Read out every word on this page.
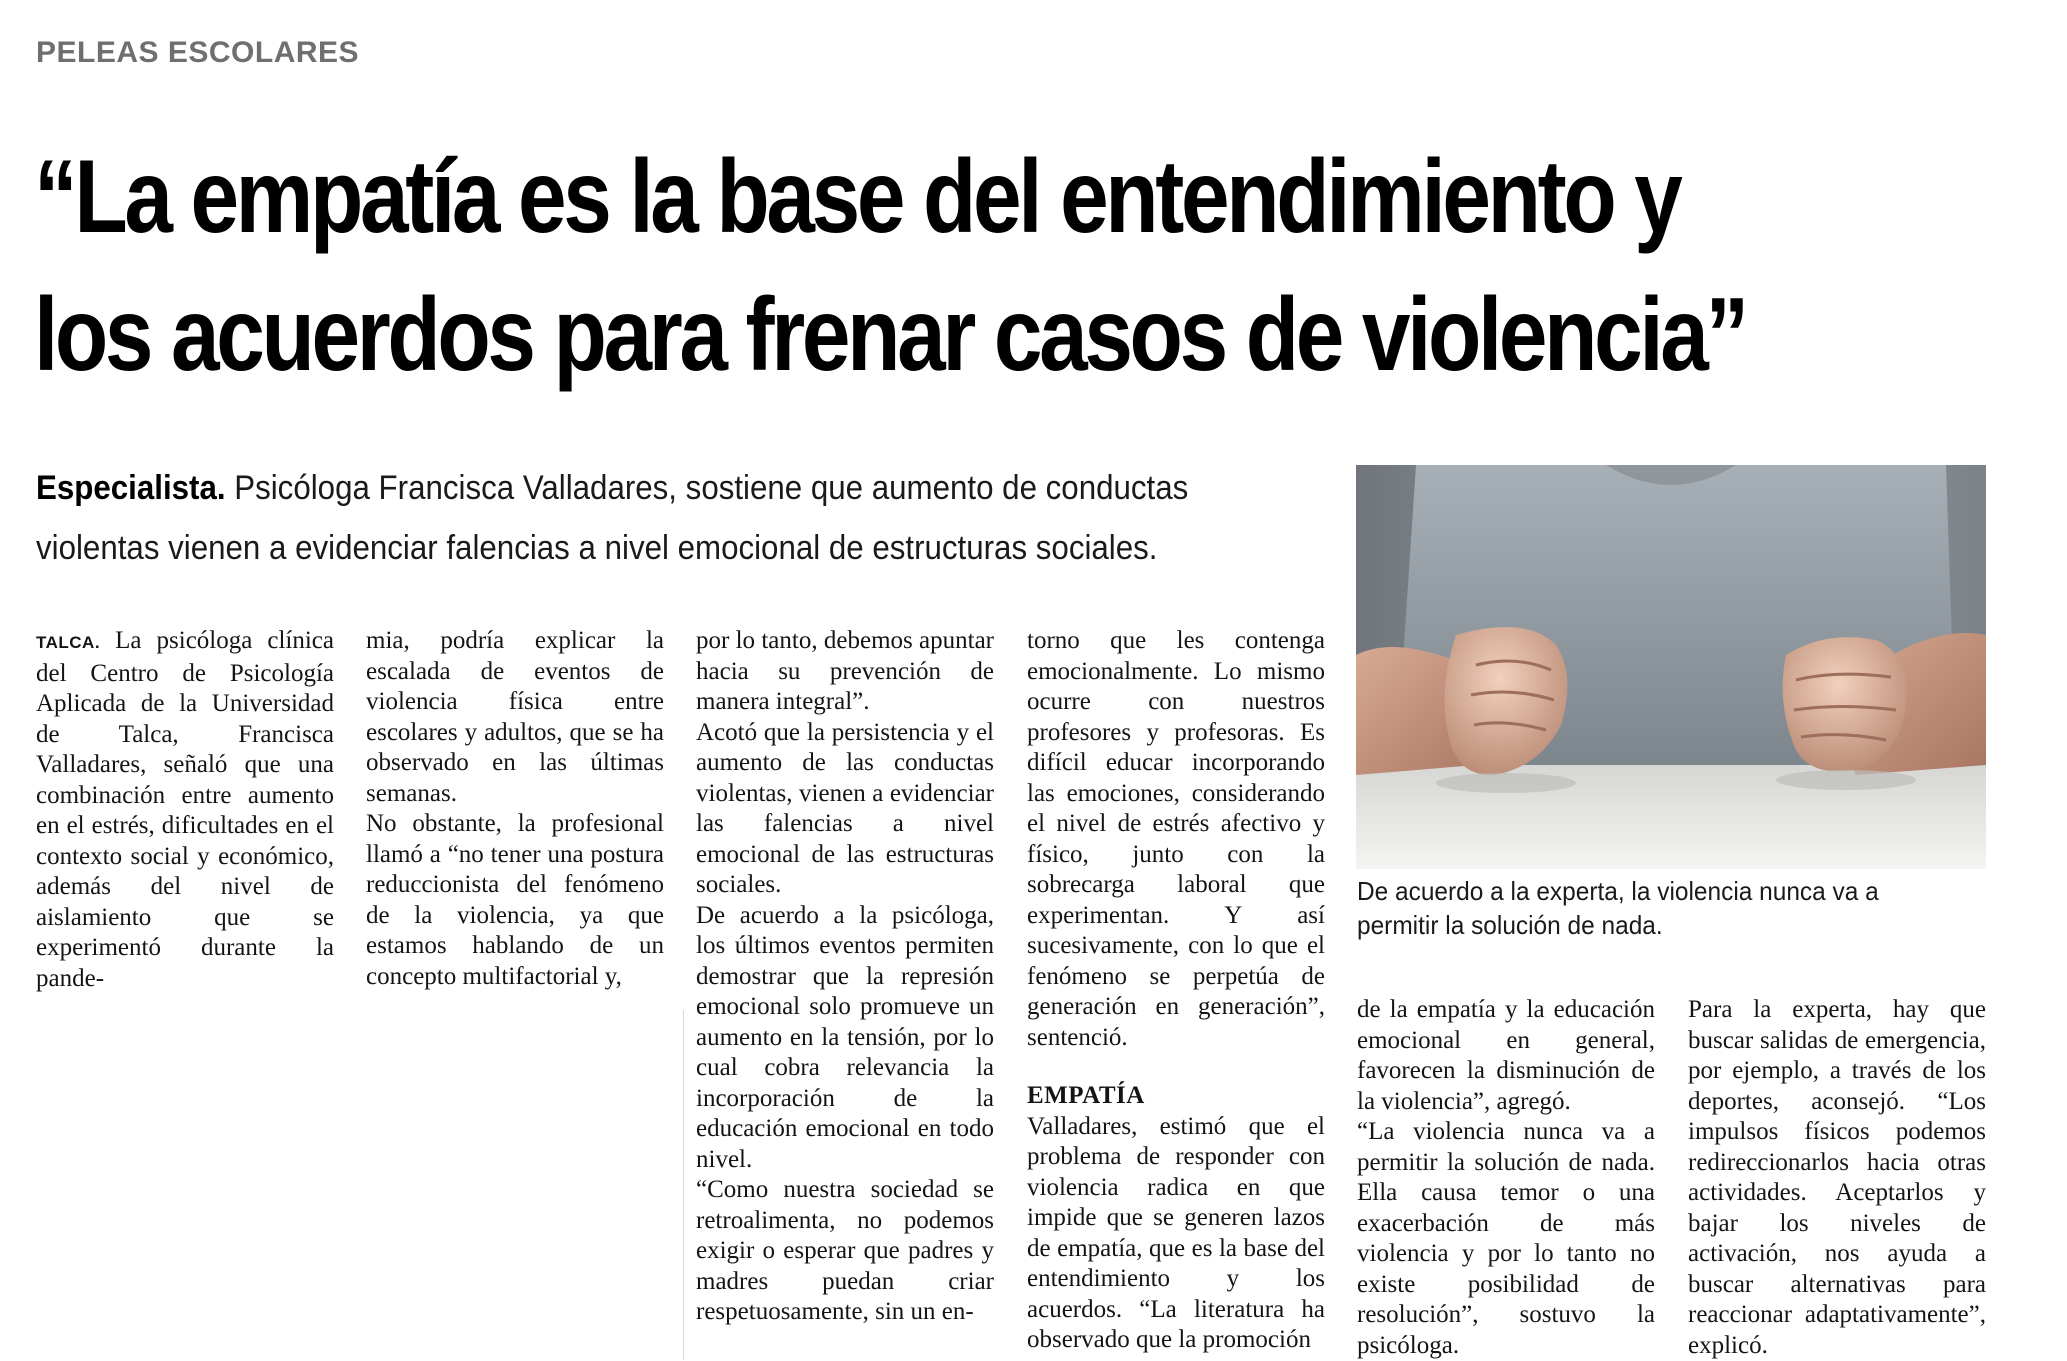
PELEAS ESCOLARES
“La empatía es la base del entendimiento y
los acuerdos para frenar casos de violencia”
Especialista. Psicóloga Francisca Valladares, sostiene que aumento de conductas violentas vienen a evidenciar falencias a nivel emocional de estructuras sociales.
De acuerdo a la experta, la violencia nunca va a permitir la solución de nada.

TALCA. La psicóloga clínica del Centro de Psicología Aplicada de la Universidad de Talca, Francisca Valladares, señaló que una combinación entre aumento en el estrés, dificultades en el contexto social y económico, además del nivel de aislamiento que se experimentó durante la pande-

mia, podría explicar la escalada de eventos de violencia física entre escolares y adultos, que se ha observado en las últimas semanas.

No obstante, la profesional llamó a “no tener una postura reduccionista del fenómeno de la violencia, ya que estamos hablando de un concepto multifactorial y,

por lo tanto, debemos apuntar hacia su prevención de manera integral”.

Acotó que la persistencia y el aumento de las conductas violentas, vienen a evidenciar las falencias a nivel emocional de las estructuras sociales.

De acuerdo a la psicóloga, los últimos eventos permiten demostrar que la represión emocional solo promueve un aumento en la tensión, por lo cual cobra relevancia la incorporación de la educación emocional en todo nivel.

“Como nuestra sociedad se retroalimenta, no podemos exigir o esperar que padres y madres puedan criar respetuosamente, sin un en-

torno que les contenga emocionalmente. Lo mismo ocurre con nuestros profesores y profesoras. Es difícil educar incorporando las emociones, considerando el nivel de estrés afectivo y físico, junto con la sobrecarga laboral que experimentan. Y así sucesivamente, con lo que el fenómeno se perpetúa de generación en generación”, sentenció.

EMPATÍA

Valladares, estimó que el problema de responder con violencia radica en que impide que se generen lazos de empatía, que es la base del entendimiento y los acuerdos. “La literatura ha observado que la promoción

de la empatía y la educación emocional en general, favorecen la disminución de la violencia”, agregó.

“La violencia nunca va a permitir la solución de nada. Ella causa temor o una exacerbación de más violencia y por lo tanto no existe posibilidad de resolución”, sostuvo la psicóloga.

Para la experta, hay que buscar salidas de emergencia, por ejemplo, a través de los deportes, aconsejó. “Los impulsos físicos podemos redireccionarlos hacia otras actividades. Aceptarlos y bajar los niveles de activación, nos ayuda a buscar alternativas para reaccionar adaptativamente”, explicó.
